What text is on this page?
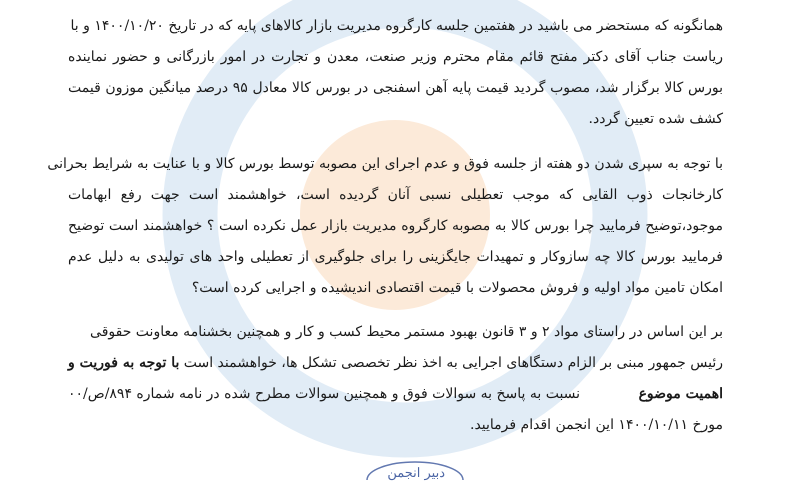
همانگونه که مستحضر می باشید در هفتمین جلسه کارگروه مدیریت بازار کالاهای پایه که در تاریخ ۱۴۰۰/۱۰/۲۰ و با
ریاست جناب آقای دکتر مفتح قائم مقام محترم وزیر صنعت، معدن و تجارت در امور بازرگانی و حضور نماینده
بورس کالا برگزار شد، مصوب گردید قیمت پایه آهن اسفنجی در بورس کالا معادل ۹۵ درصد میانگین موزون قیمت
کشف شده تعیین گردد.
با توجه به سپری شدن دو هفته از جلسه فوق و عدم اجرای این مصوبه توسط بورس کالا و با عنایت به شرایط بحرانی
کارخانجات ذوب القایی که موجب تعطیلی نسبی آنان گردیده است، خواهشمند است جهت رفع ابهامات
موجود،توضیح فرمایید چرا بورس کالا به مصوبه کارگروه مدیریت بازار عمل نکرده است ؟ خواهشمند است توضیح
فرمایید بورس کالا چه سازوکار و تمهیدات جایگزینی را برای جلوگیری از تعطیلی واحد های تولیدی به دلیل عدم
امکان تامین مواد اولیه و فروش محصولات با قیمت اقتصادی اندیشیده و اجرایی کرده است؟
بر این اساس در راستای مواد ۲ و ۳ قانون بهبود مستمر محیط کسب و کار و همچنین بخشنامه معاونت حقوقی
رئیس جمهور مبنی بر الزام دستگاهای اجرایی به اخذ نظر تخصصی تشکل ها، خواهشمند است
با توجه به فوریت و
اهمیت موضوع
نسبت به پاسخ به سوالات فوق و همچنین سوالات مطرح شده در نامه شماره ۸۹۴/ص/۰۰
مورخ ۱۴۰۰/۱۰/۱۱ این انجمن اقدام فرمایید.
دبیر انجمن
